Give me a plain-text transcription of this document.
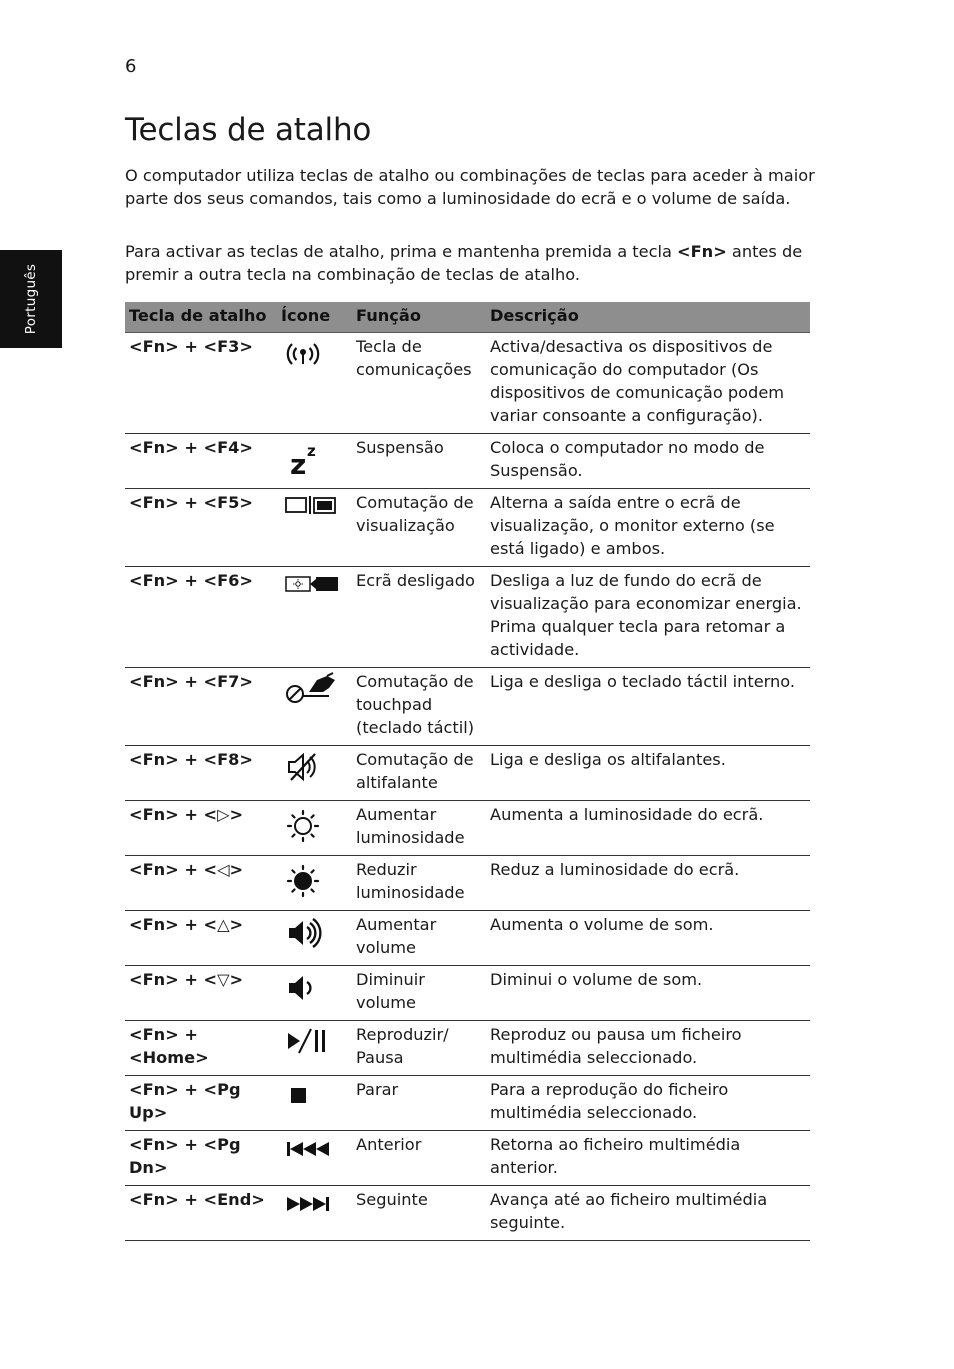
6
Português
Teclas de atalho

O computador utiliza teclas de atalho ou combinações de teclas para aceder à maior parte dos seus comandos, tais como a luminosidade do ecrã e o volume de saída.

Para activar as teclas de atalho, prima e mantenha premida a tecla <Fn> antes de premir a outra tecla na combinação de teclas de atalho.

Tecla de atalho	Ícone	Função	Descrição
<Fn> + <F3>		Tecla de comunicações	Activa/desactiva os dispositivos de comunicação do computador (Os dispositivos de comunicação podem variar consoante a configuração).
<Fn> + <F4>	z z	Suspensão	Coloca o computador no modo de Suspensão.
<Fn> + <F5>		Comutação de visualização	Alterna a saída entre o ecrã de visualização, o monitor externo (se está ligado) e ambos.
<Fn> + <F6>		Ecrã desligado	Desliga a luz de fundo do ecrã de visualização para economizar energia. Prima qualquer tecla para retomar a actividade.
<Fn> + <F7>		Comutação de touchpad (teclado táctil)	Liga e desliga o teclado táctil interno.
<Fn> + <F8>		Comutação de altifalante	Liga e desliga os altifalantes.
<Fn> + <▷>		Aumentar luminosidade	Aumenta a luminosidade do ecrã.
<Fn> + <◁>		Reduzir luminosidade	Reduz a luminosidade do ecrã.
<Fn> + <△>		Aumentar volume	Aumenta o volume de som.
<Fn> + <▽>		Diminuir volume	Diminui o volume de som.
<Fn> + <Home>		Reproduzir/ Pausa	Reproduz ou pausa um ficheiro multimédia seleccionado.
<Fn> + <Pg Up>		Parar	Para a reprodução do ficheiro multimédia seleccionado.
<Fn> + <Pg Dn>		Anterior	Retorna ao ficheiro multimédia anterior.
<Fn> + <End>		Seguinte	Avança até ao ficheiro multimédia seguinte.
